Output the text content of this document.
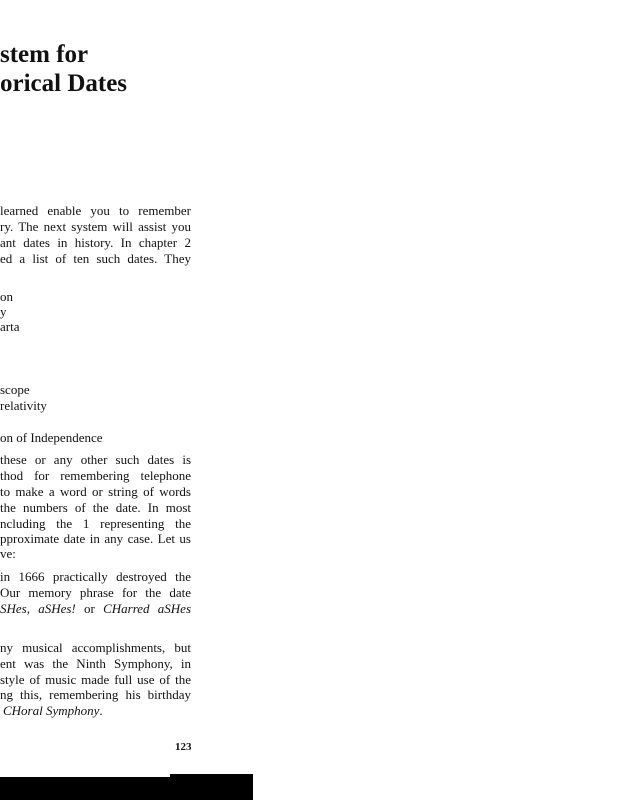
stem for
orical Dates

learned enable you to remember

ry. The next system will assist you

ant dates in history. In chapter 2

ed a list of ten such dates. They

on

y

arta

scope

relativity

on of Independence

these or any other such dates is

thod for remembering telephone

to make a word or string of words

the numbers of the date. In most

ncluding the 1 representing the

pproximate date in any case. Let us

ve:

in 1666 practically destroyed the

Our memory phrase for the date

SHes, aSHes! or CHarred aSHes

ny musical accomplishments, but

ent was the Ninth Symphony, in

style of music made full use of the

ng this, remembering his birthday

CHoral Symphony.

123
